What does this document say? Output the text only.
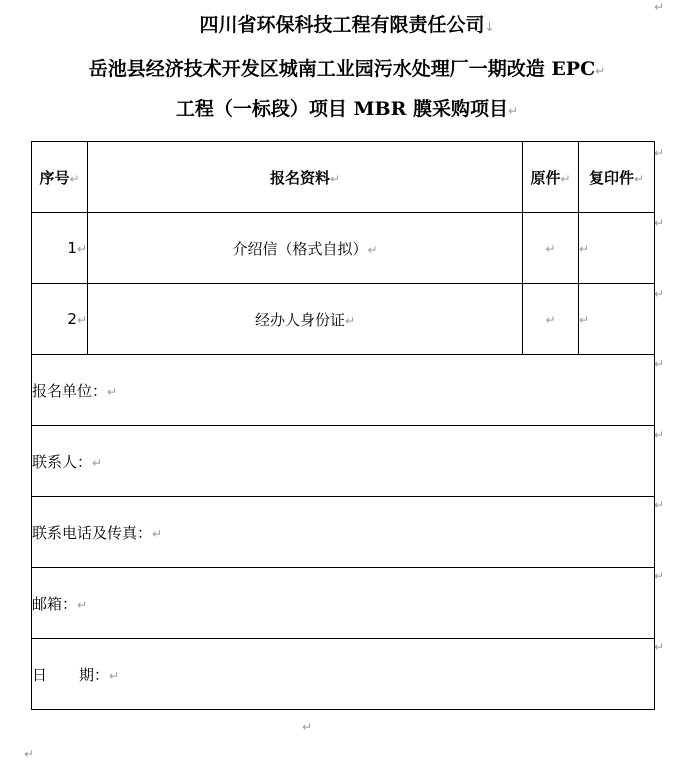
四川省环保科技工程有限责任公司↓
岳池县经济技术开发区城南工业园污水处理厂一期改造 EPC↵
工程（一标段）项目 MBR 膜采购项目↵
↵
序号↵	报名资料↵	原件↵	复印件↵
1↵	介绍信（格式自拟）↵	↵	↵
2↵	经办人身份证↵	↵	↵
报名单位：↵			
联系人：↵			
联系电话及传真：↵			
邮箱：↵			
日 期：↵			
↵
↵
↵
↵
↵
↵
↵
↵
↵
↵
